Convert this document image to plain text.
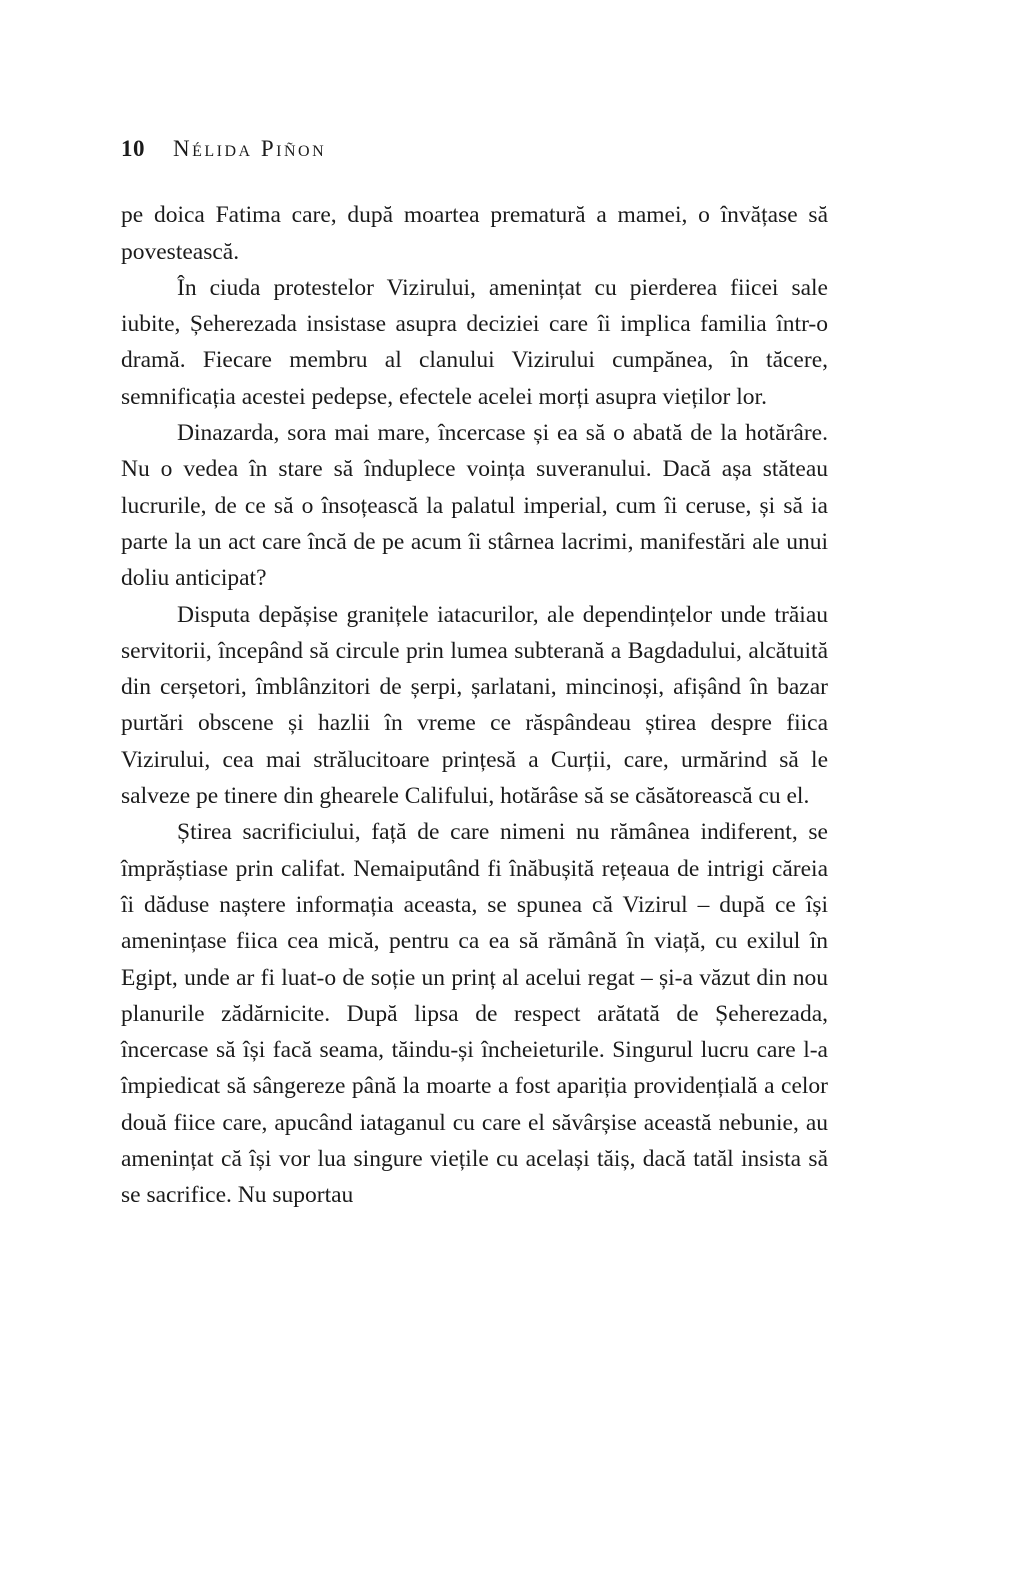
10 Nélida Piñon

pe doica Fatima care, după moartea prematură a mamei, o învățase să povestească.

În ciuda protestelor Vizirului, amenințat cu pierderea fiicei sale iubite, Șeherezada insistase asupra deciziei care îi implica familia într-o dramă. Fiecare membru al clanului Vizirului cumpănea, în tăcere, semnificația acestei pedepse, efectele acelei morți asupra vieților lor.

Dinazarda, sora mai mare, încercase și ea să o abată de la hotărâre. Nu o vedea în stare să înduplece voința suveranului. Dacă așa stăteau lucrurile, de ce să o însoțească la palatul imperial, cum îi ceruse, și să ia parte la un act care încă de pe acum îi stârnea lacrimi, manifestări ale unui doliu anticipat?

Disputa depășise granițele iatacurilor, ale dependințelor unde trăiau servitorii, începând să circule prin lumea subterană a Bagdadului, alcătuită din cerșetori, îmblânzitori de șerpi, șarlatani, mincinoși, afișând în bazar purtări obscene și hazlii în vreme ce răspândeau știrea despre fiica Vizirului, cea mai strălucitoare prințesă a Curții, care, urmărind să le salveze pe tinere din ghearele Califului, hotărâse să se căsătorească cu el.

Știrea sacrificiului, față de care nimeni nu rămânea indiferent, se împrăștiase prin califat. Nemaiputând fi înăbușită rețeaua de intrigi căreia îi dăduse naștere informația aceasta, se spunea că Vizirul – după ce își amenințase fiica cea mică, pentru ca ea să rămână în viață, cu exilul în Egipt, unde ar fi luat-o de soție un prinț al acelui regat – și-a văzut din nou planurile zădărnicite. După lipsa de respect arătată de Șeherezada, încercase să își facă seama, tăindu-și încheieturile. Singurul lucru care l-a împiedicat să sângereze până la moarte a fost apariția providențială a celor două fiice care, apucând iataganul cu care el săvârșise această nebunie, au amenințat că își vor lua singure viețile cu același tăiș, dacă tatăl insista să se sacrifice. Nu suportau
